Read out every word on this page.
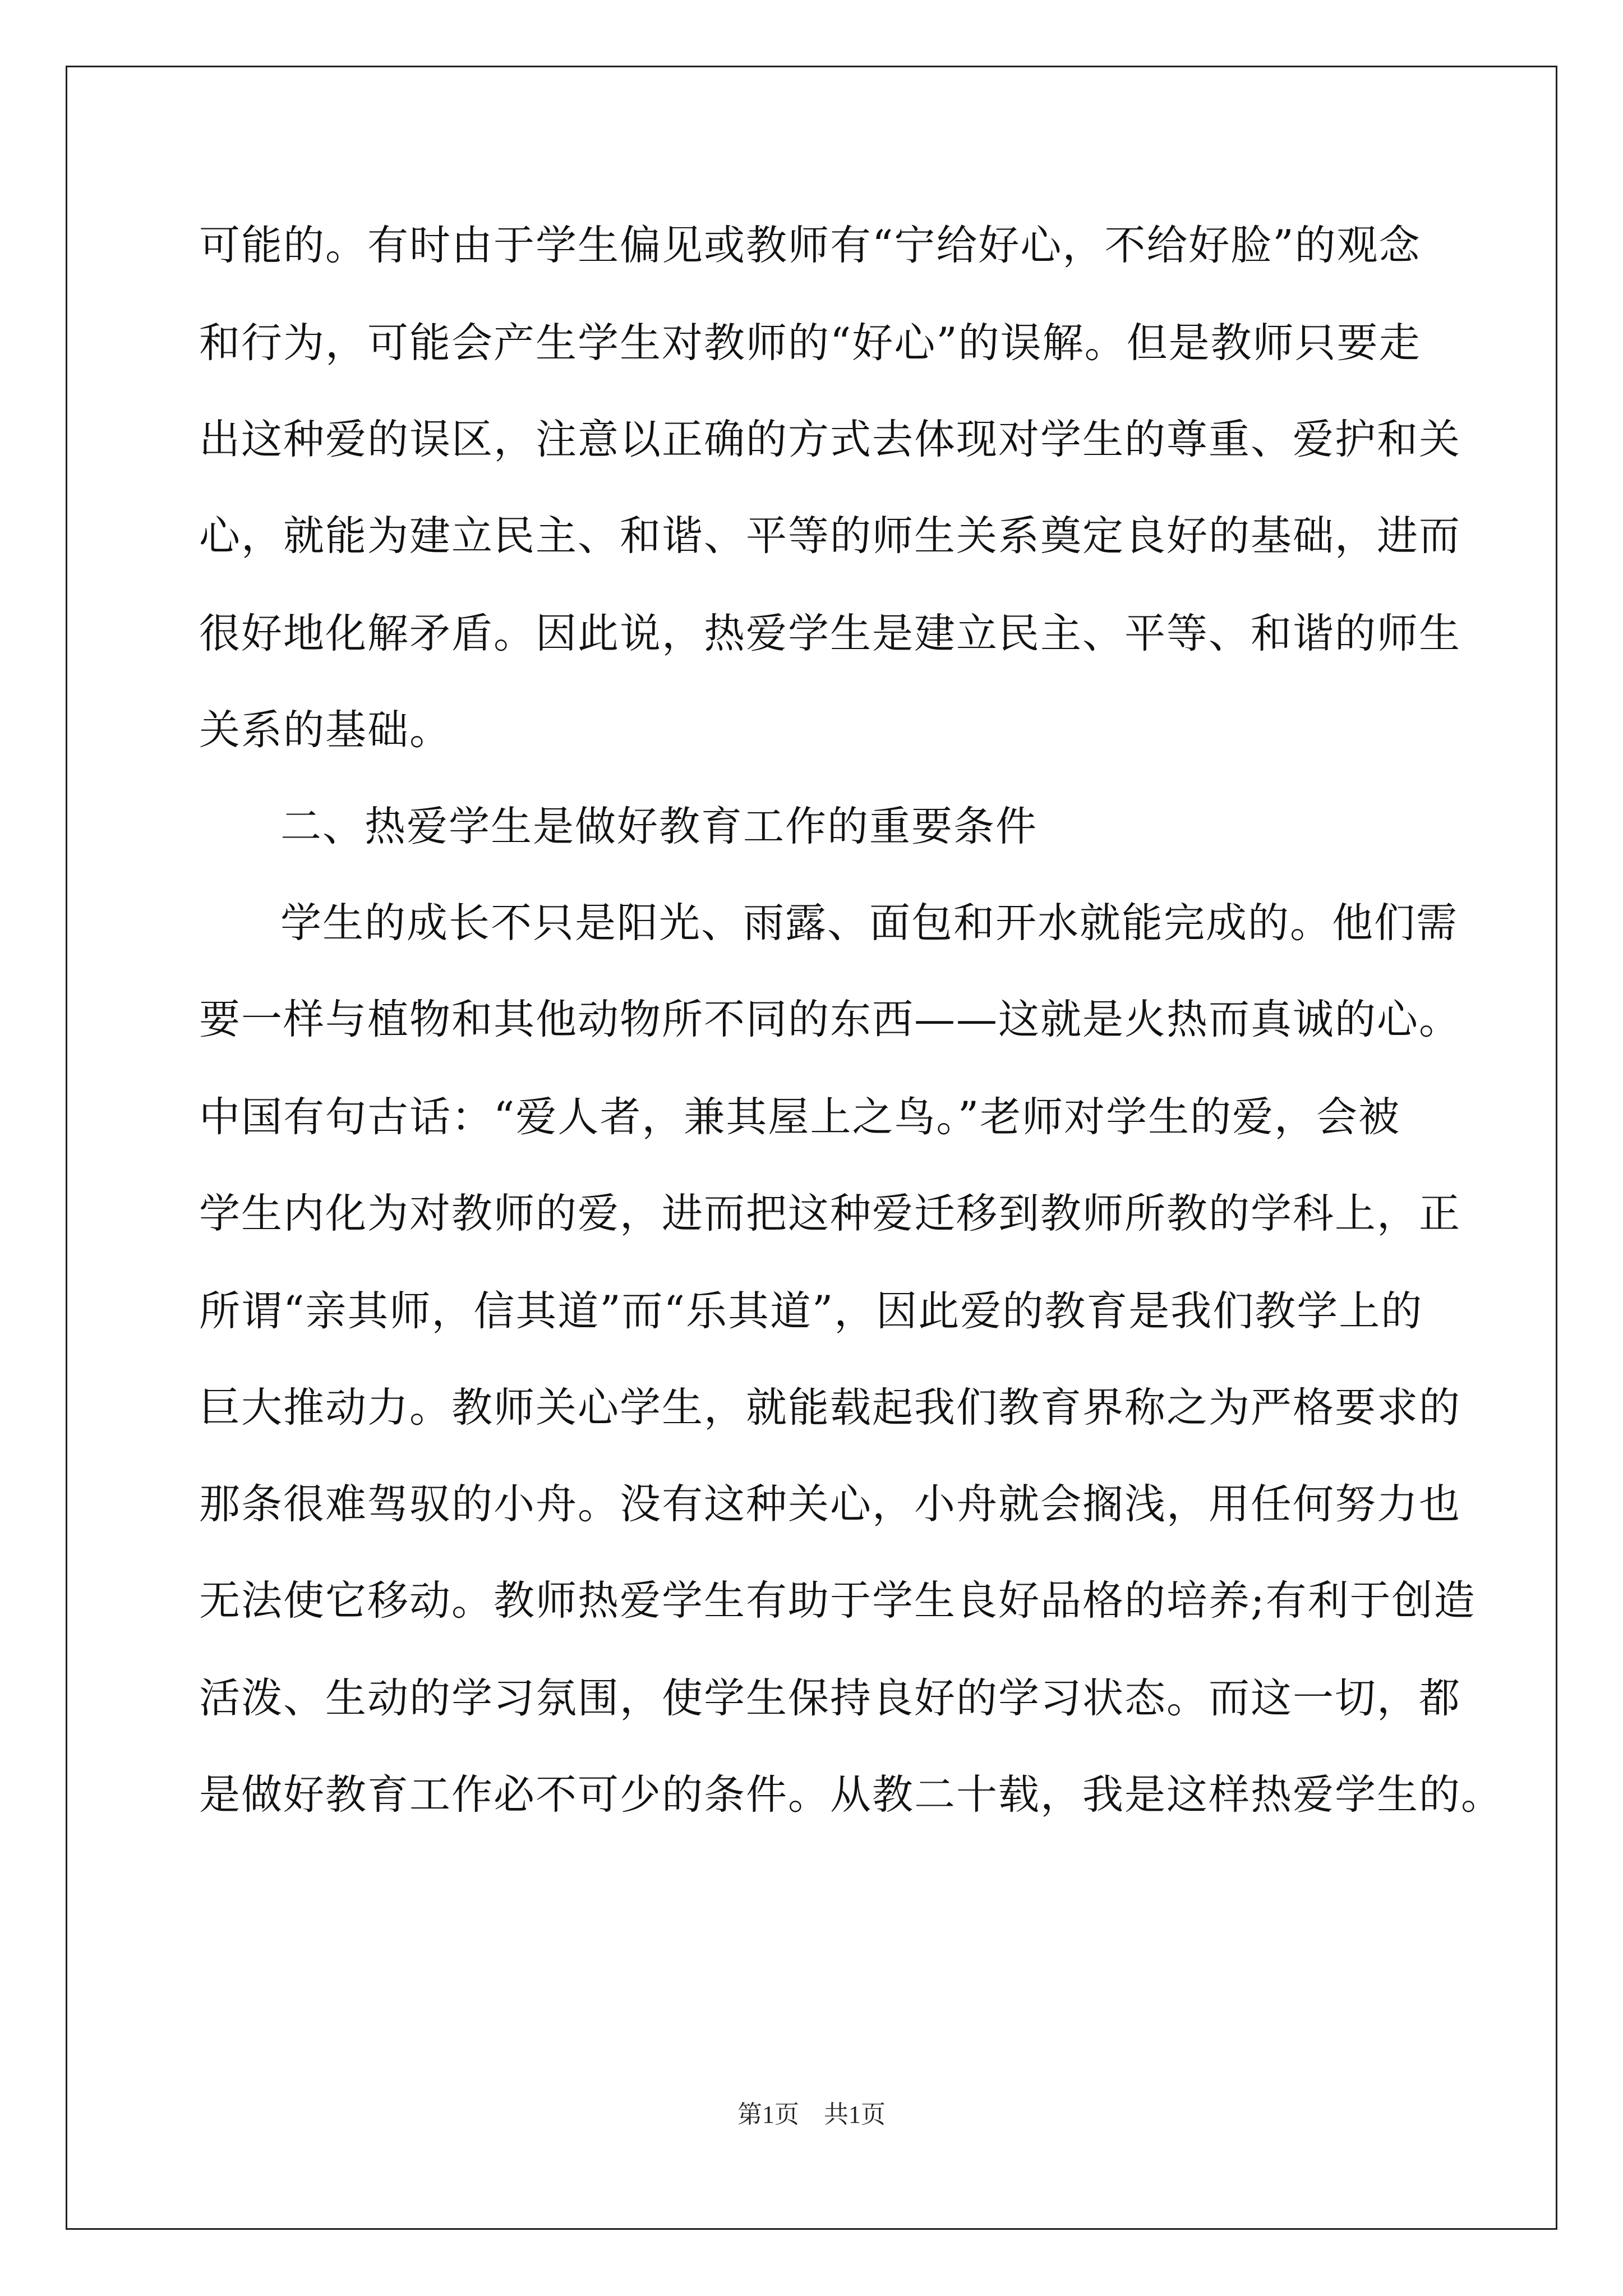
可能的。有时由于学生偏见或教师有“宁给好心，不给好脸”的观念
和行为，可能会产生学生对教师的“好心”的误解。但是教师只要走
出这种爱的误区，注意以正确的方式去体现对学生的尊重、爱护和关
心，就能为建立民主、和谐、平等的师生关系奠定良好的基础，进而
很好地化解矛盾。因此说，热爱学生是建立民主、平等、和谐的师生
关系的基础。
二、热爱学生是做好教育工作的重要条件
学生的成长不只是阳光、雨露、面包和开水就能完成的。他们需
要一样与植物和其他动物所不同的东西——这就是火热而真诚的心。
中国有句古话：“爱人者，兼其屋上之鸟。”老师对学生的爱，会被
学生内化为对教师的爱，进而把这种爱迁移到教师所教的学科上，正
所谓“亲其师，信其道”而“乐其道”，因此爱的教育是我们教学上的
巨大推动力。教师关心学生，就能载起我们教育界称之为严格要求的
那条很难驾驭的小舟。没有这种关心，小舟就会搁浅，用任何努力也
无法使它移动。教师热爱学生有助于学生良好品格的培养;有利于创造
活泼、生动的学习氛围，使学生保持良好的学习状态。而这一切，都
是做好教育工作必不可少的条件。从教二十载，我是这样热爱学生的。
第1页　共1页
